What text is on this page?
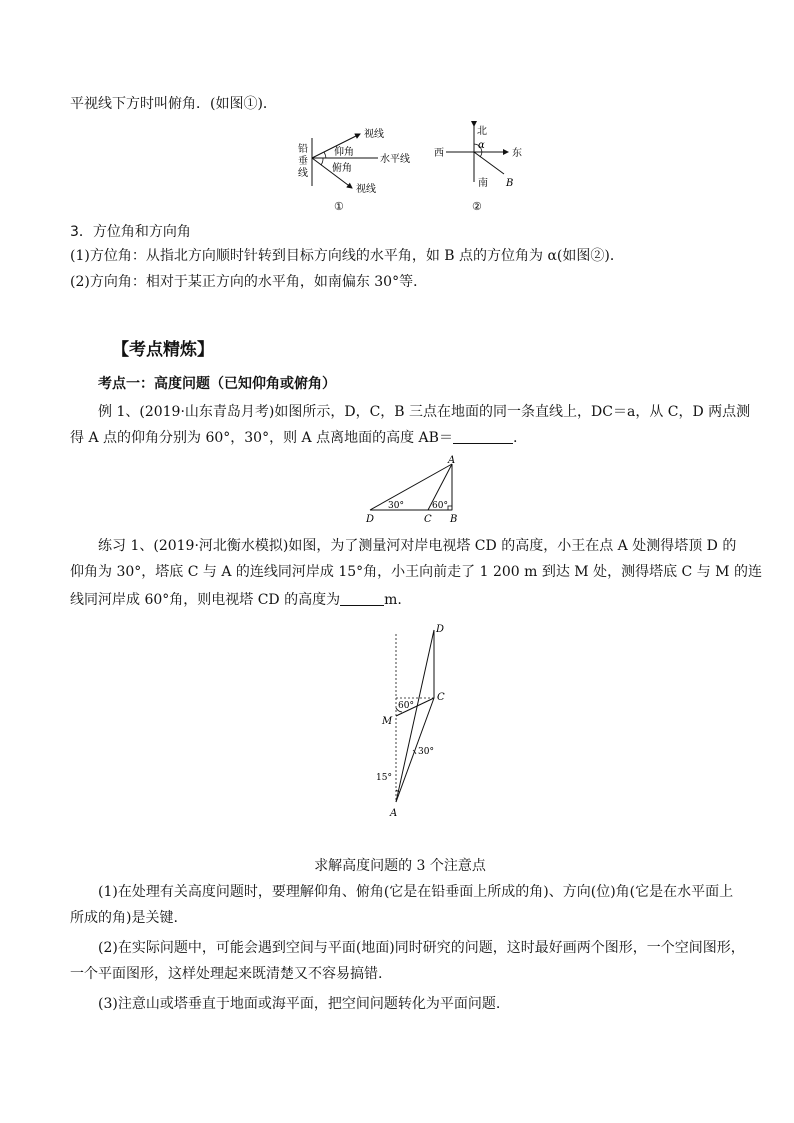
平视线下方时叫俯角．(如图①)．
铅
垂
线
视线
仰角
水平线
俯角
视线
①
北
西	东
α
南 B
②
3．方位角和方向角
(1)方位角：从指北方向顺时针转到目标方向线的水平角，如 B 点的方位角为 α(如图②)．
(2)方向角：相对于某正方向的水平角，如南偏东 30°等．
【考点精炼】
考点一：高度问题（已知仰角或俯角）
例 1、(2019·山东青岛月考)如图所示，D，C，B 三点在地面的同一条直线上，DC＝a，从 C，D 两点测
得 A 点的仰角分别为 60°，30°，则 A 点离地面的高度 AB＝	.
A
D	C B
30°	60°
练习 1、(2019·河北衡水模拟)如图，为了测量河对岸电视塔 CD 的高度，小王在点 A 处测得塔顶 D 的
仰角为 30°，塔底 C 与 A 的连线同河岸成 15°角，小王向前走了 1 200 m 到达 M 处，测得塔底 C 与 M 的连
线同河岸成 60°角，则电视塔 CD 的高度为	m.
D
C
M
A
60°
30°
15°
求解高度问题的 3 个注意点
(1)在处理有关高度问题时，要理解仰角、俯角(它是在铅垂面上所成的角)、方向(位)角(它是在水平面上
所成的角)是关键.
(2)在实际问题中，可能会遇到空间与平面(地面)同时研究的问题，这时最好画两个图形，一个空间图形，
一个平面图形，这样处理起来既清楚又不容易搞错.
(3)注意山或塔垂直于地面或海平面，把空间问题转化为平面问题.
